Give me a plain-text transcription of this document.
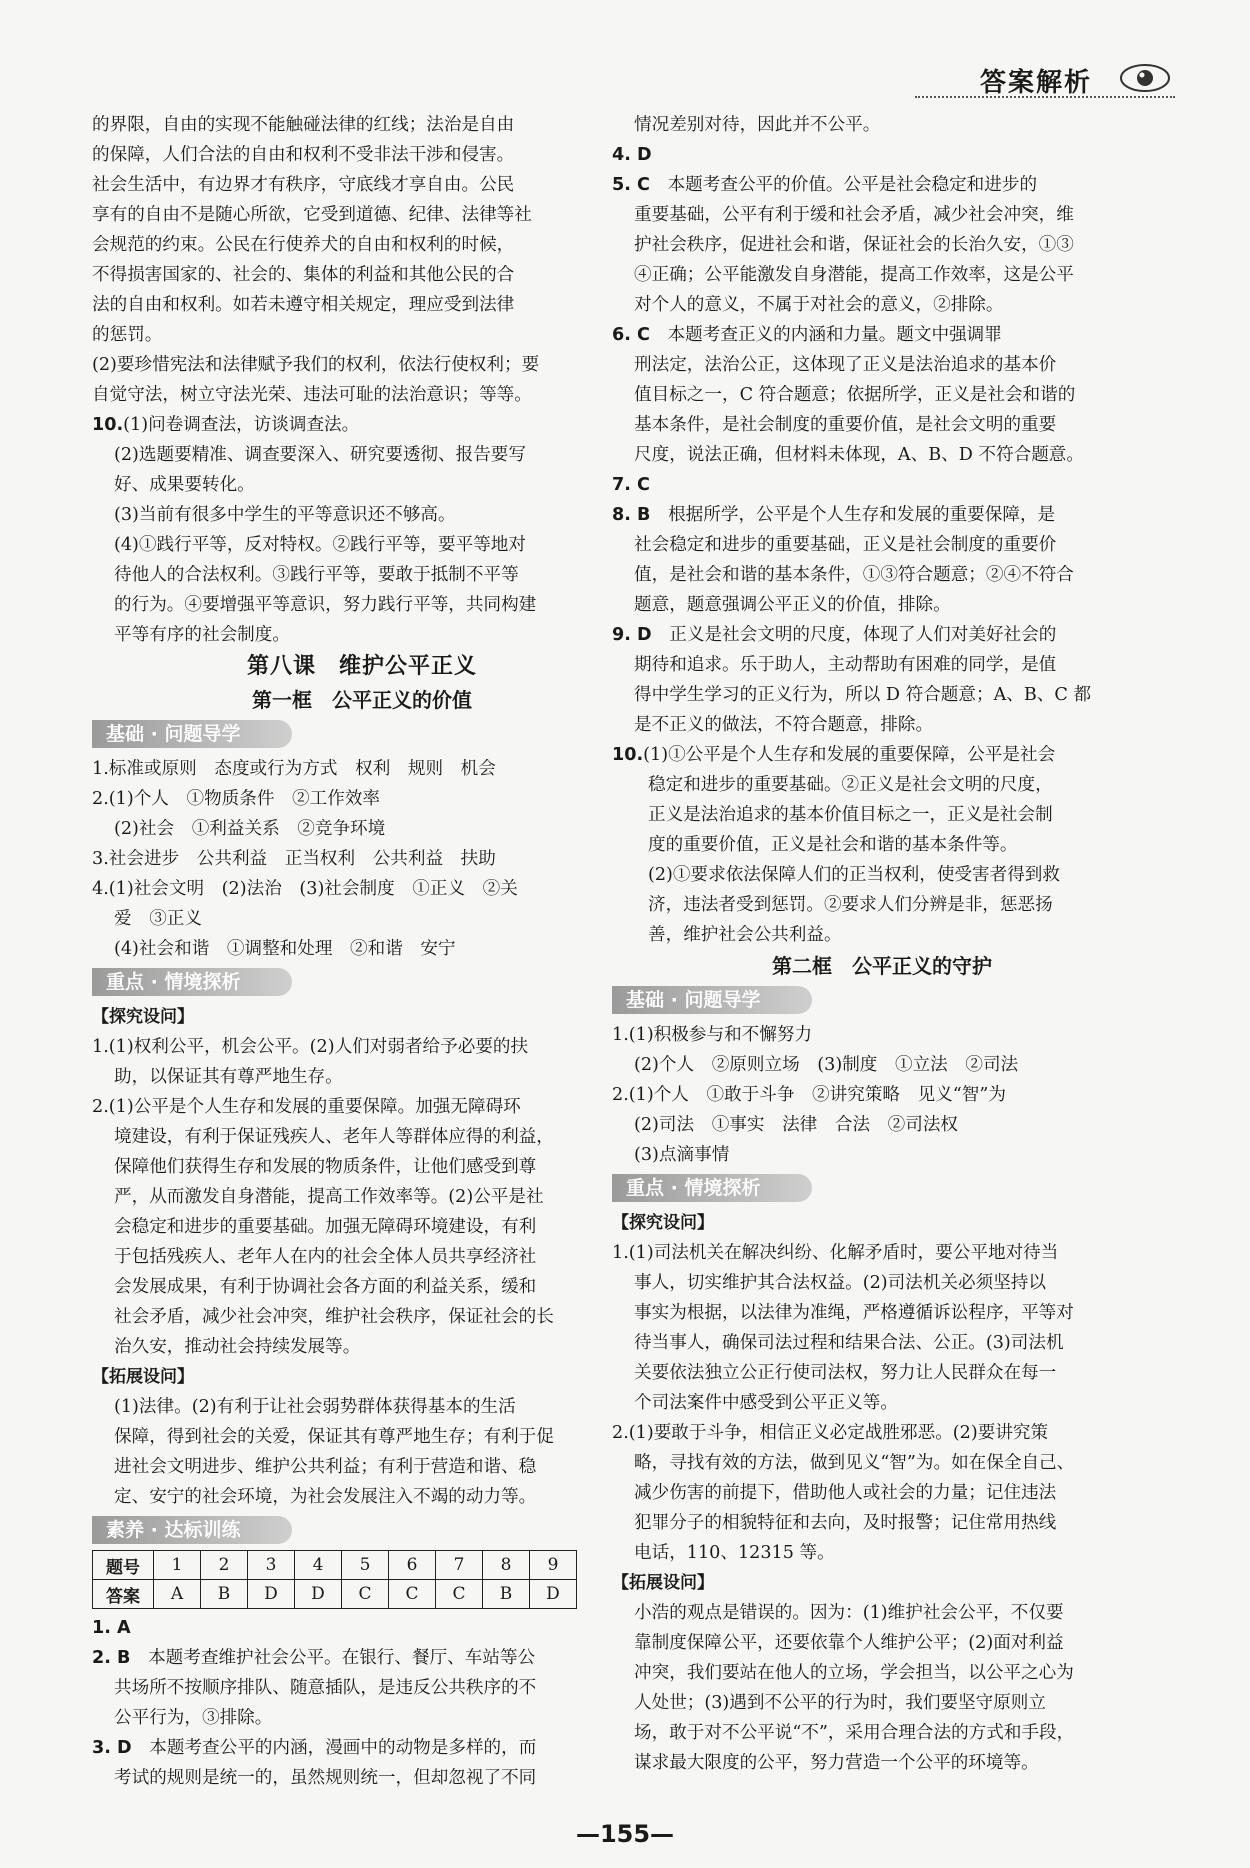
答案解析

的界限，自由的实现不能触碰法律的红线；法治是自由

的保障，人们合法的自由和权利不受非法干涉和侵害。

社会生活中，有边界才有秩序，守底线才享自由。公民

享有的自由不是随心所欲，它受到道德、纪律、法律等社

会规范的约束。公民在行使养犬的自由和权利的时候，

不得损害国家的、社会的、集体的利益和其他公民的合

法的自由和权利。如若未遵守相关规定，理应受到法律

的惩罚。

(2)要珍惜宪法和法律赋予我们的权利，依法行使权利；要

自觉守法，树立守法光荣、违法可耻的法治意识；等等。

10.(1)问卷调查法，访谈调查法。

(2)选题要精准、调查要深入、研究要透彻、报告要写

好、成果要转化。

(3)当前有很多中学生的平等意识还不够高。

(4)①践行平等，反对特权。②践行平等，要平等地对

待他人的合法权利。③践行平等，要敢于抵制不平等

的行为。④要增强平等意识，努力践行平等，共同构建

平等有序的社会制度。

第八课　维护公平正义
第一框　公平正义的价值
基础 · 问题导学

1.标准或原则　态度或行为方式　权利　规则　机会

2.(1)个人　①物质条件　②工作效率

(2)社会　①利益关系　②竞争环境

3.社会进步　公共利益　正当权利　公共利益　扶助

4.(1)社会文明　(2)法治　(3)社会制度　①正义　②关

爱　③正义

(4)社会和谐　①调整和处理　②和谐　安宁

重点 · 情境探析
【探究设问】

1.(1)权利公平，机会公平。(2)人们对弱者给予必要的扶

助，以保证其有尊严地生存。

2.(1)公平是个人生存和发展的重要保障。加强无障碍环

境建设，有利于保证残疾人、老年人等群体应得的利益，

保障他们获得生存和发展的物质条件，让他们感受到尊

严，从而激发自身潜能，提高工作效率等。(2)公平是社

会稳定和进步的重要基础。加强无障碍环境建设，有利

于包括残疾人、老年人在内的社会全体人员共享经济社

会发展成果，有利于协调社会各方面的利益关系，缓和

社会矛盾，减少社会冲突，维护社会秩序，保证社会的长

治久安，推动社会持续发展等。

【拓展设问】

(1)法律。(2)有利于让社会弱势群体获得基本的生活

保障，得到社会的关爱，保证其有尊严地生存；有利于促

进社会文明进步、维护公共利益；有利于营造和谐、稳

定、安宁的社会环境，为社会发展注入不竭的动力等。

素养 · 达标训练
题号	1	2	3	4	5	6	7	8	9
答案	A	B	D	D	C	C	C	B	D

1. A

2. B　 本题考查维护社会公平。在银行、餐厅、车站等公

共场所不按顺序排队、随意插队，是违反公共秩序的不

公平行为，③排除。

3. D　 本题考查公平的内涵，漫画中的动物是多样的，而

考试的规则是统一的，虽然规则统一，但却忽视了不同

情况差别对待，因此并不公平。

4. D

5. C　 本题考查公平的价值。公平是社会稳定和进步的

重要基础，公平有利于缓和社会矛盾，减少社会冲突，维

护社会秩序，促进社会和谐，保证社会的长治久安，①③

④正确；公平能激发自身潜能，提高工作效率，这是公平

对个人的意义，不属于对社会的意义，②排除。

6. C　 本题考查正义的内涵和力量。题文中强调罪

刑法定，法治公正，这体现了正义是法治追求的基本价

值目标之一，C 符合题意；依据所学，正义是社会和谐的

基本条件，是社会制度的重要价值，是社会文明的重要

尺度，说法正确，但材料未体现，A、B、D 不符合题意。

7. C

8. B　 根据所学，公平是个人生存和发展的重要保障，是

社会稳定和进步的重要基础，正义是社会制度的重要价

值，是社会和谐的基本条件，①③符合题意；②④不符合

题意，题意强调公平正义的价值，排除。

9. D　 正义是社会文明的尺度，体现了人们对美好社会的

期待和追求。乐于助人，主动帮助有困难的同学，是值

得中学生学习的正义行为，所以 D 符合题意；A、B、C 都

是不正义的做法，不符合题意，排除。

10.(1)①公平是个人生存和发展的重要保障，公平是社会

稳定和进步的重要基础。②正义是社会文明的尺度，

正义是法治追求的基本价值目标之一，正义是社会制

度的重要价值，正义是社会和谐的基本条件等。

(2)①要求依法保障人们的正当权利，使受害者得到救

济，违法者受到惩罚。②要求人们分辨是非，惩恶扬

善，维护社会公共利益。

第二框　公平正义的守护
基础 · 问题导学

1.(1)积极参与和不懈努力

(2)个人　②原则立场　(3)制度　①立法　②司法

2.(1)个人　①敢于斗争　②讲究策略　见义“智”为

(2)司法　①事实　法律　合法　②司法权

(3)点滴事情

重点 · 情境探析
【探究设问】

1.(1)司法机关在解决纠纷、化解矛盾时，要公平地对待当

事人，切实维护其合法权益。(2)司法机关必须坚持以

事实为根据，以法律为准绳，严格遵循诉讼程序，平等对

待当事人，确保司法过程和结果合法、公正。(3)司法机

关要依法独立公正行使司法权，努力让人民群众在每一

个司法案件中感受到公平正义等。

2.(1)要敢于斗争，相信正义必定战胜邪恶。(2)要讲究策

略，寻找有效的方法，做到见义“智”为。如在保全自己、

减少伤害的前提下，借助他人或社会的力量；记住违法

犯罪分子的相貌特征和去向，及时报警；记住常用热线

电话，110、12315 等。

【拓展设问】

小浩的观点是错误的。因为：(1)维护社会公平，不仅要

靠制度保障公平，还要依靠个人维护公平；(2)面对利益

冲突，我们要站在他人的立场，学会担当，以公平之心为

人处世；(3)遇到不公平的行为时，我们要坚守原则立

场，敢于对不公平说“不”，采用合理合法的方式和手段，

谋求最大限度的公平，努力营造一个公平的环境等。

—155—
